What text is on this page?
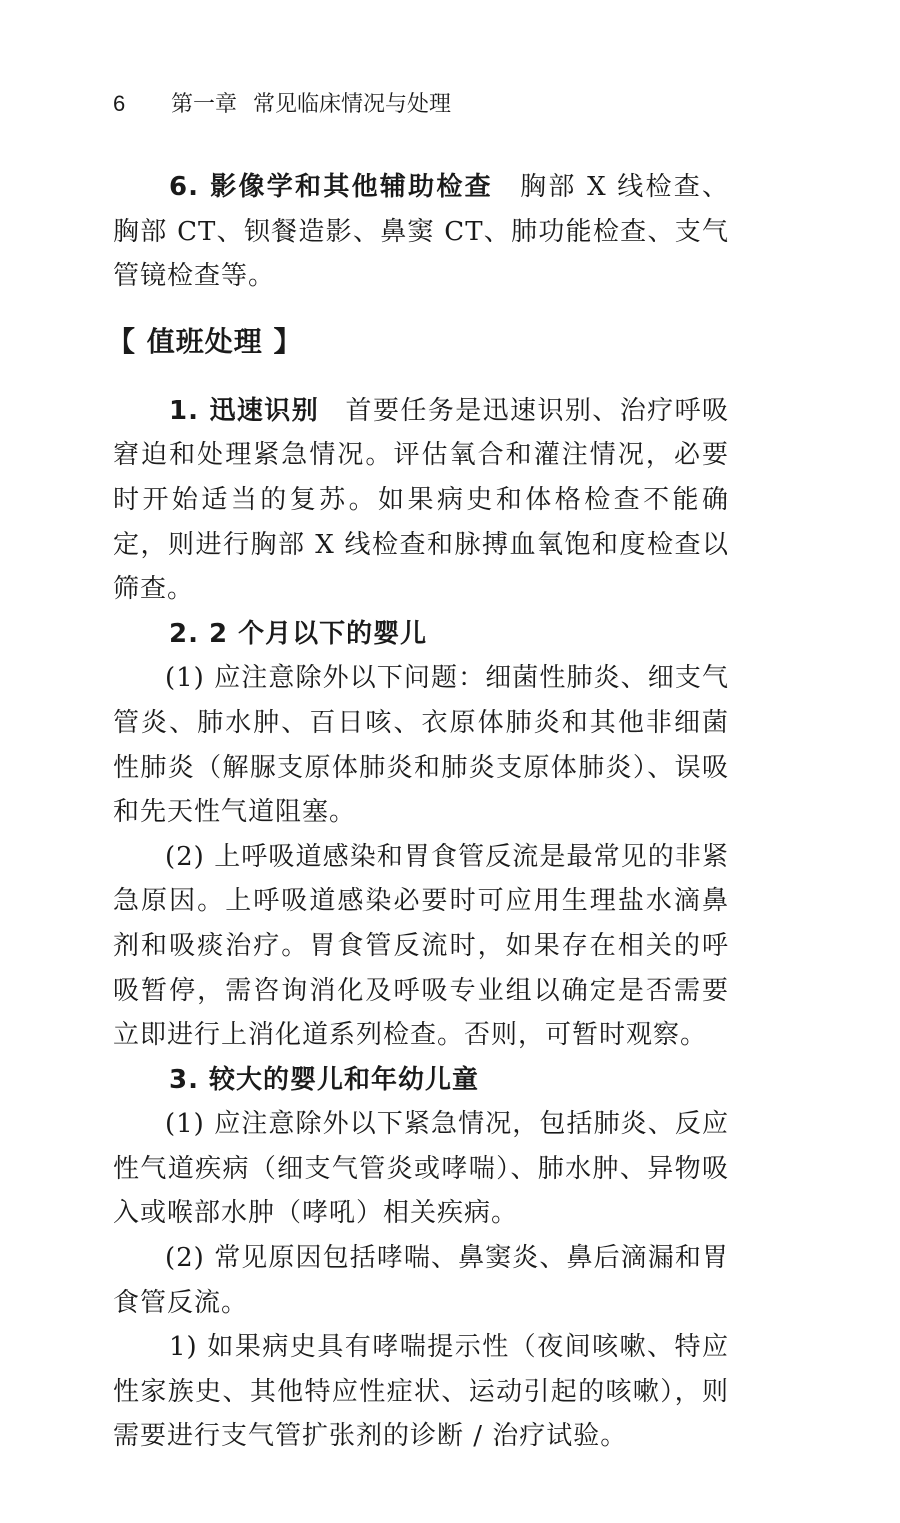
6 第一章 常见临床情况与处理

6. 影像学和其他辅助检查 胸部 X 线检查、胸部 CT、钡餐造影、鼻窦 CT、肺功能检查、支气管镜检查等。

【 值班处理 】

1. 迅速识别 首要任务是迅速识别、治疗呼吸窘迫和处理紧急情况。评估氧合和灌注情况，必要时开始适当的复苏。如果病史和体格检查不能确定，则进行胸部 X 线检查和脉搏血氧饱和度检查以筛查。

2. 2 个月以下的婴儿

(1) 应注意除外以下问题：细菌性肺炎、细支气管炎、肺水肿、百日咳、衣原体肺炎和其他非细菌性肺炎（解脲支原体肺炎和肺炎支原体肺炎）、误吸和先天性气道阻塞。

(2) 上呼吸道感染和胃食管反流是最常见的非紧急原因。上呼吸道感染必要时可应用生理盐水滴鼻剂和吸痰治疗。胃食管反流时，如果存在相关的呼吸暂停，需咨询消化及呼吸专业组以确定是否需要立即进行上消化道系列检查。否则，可暂时观察。

3. 较大的婴儿和年幼儿童

(1) 应注意除外以下紧急情况，包括肺炎、反应性气道疾病（细支气管炎或哮喘）、肺水肿、异物吸入或喉部水肿（哮吼）相关疾病。

(2) 常见原因包括哮喘、鼻窦炎、鼻后滴漏和胃食管反流。

1) 如果病史具有哮喘提示性（夜间咳嗽、特应性家族史、其他特应性症状、运动引起的咳嗽），则需要进行支气管扩张剂的诊断 / 治疗试验。
